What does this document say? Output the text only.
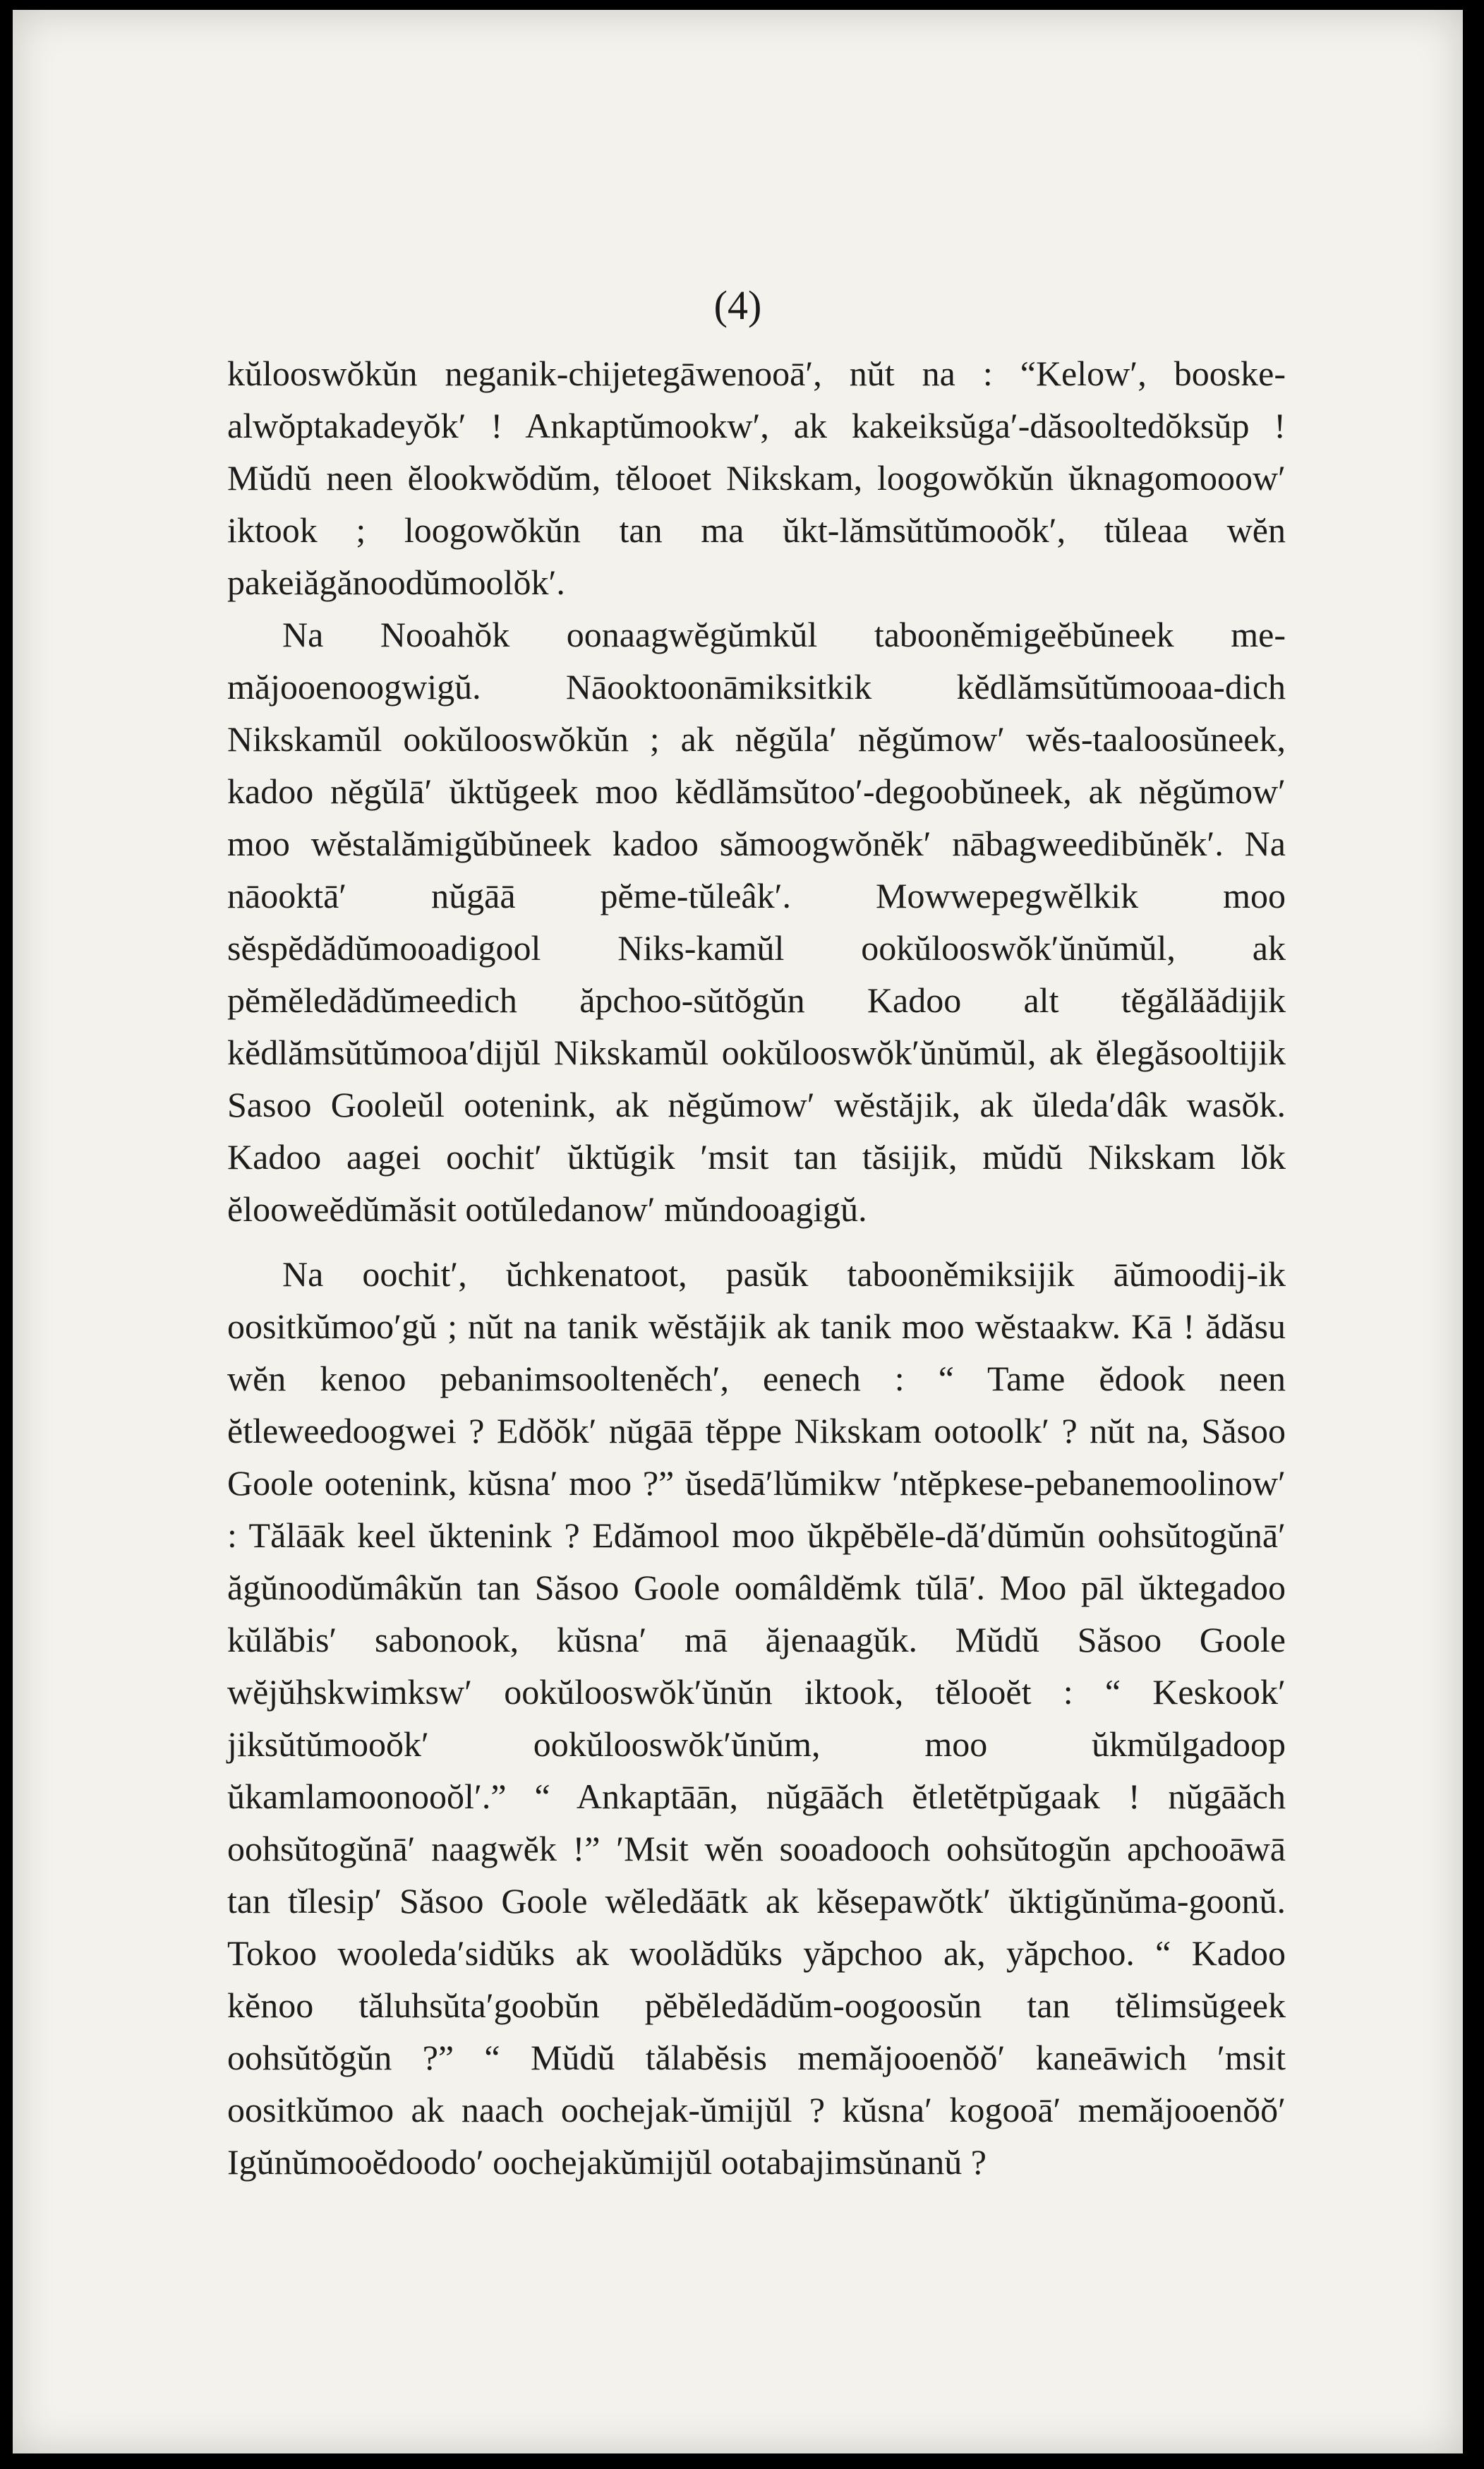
(4)

kŭlooswŏkŭn neganik-chijetegāwenooā′, nŭt na : “Kelow′, booske-alwŏptakadeyŏk′ ! Ankaptŭmookw′, ak kakeiksŭga′-dăsooltedŏksŭp ! Mŭdŭ neen ĕlookwŏdŭm, tĕlooet Nikskam, loogowŏkŭn ŭknagomooow′ iktook ; loogowŏkŭn tan ma ŭkt-lămsŭtŭmooŏk′, tŭleaa wĕn pakeiăgănoodŭmoolŏk′.

Na Nooahŏk oonaagwĕgŭmkŭl tabooněmigeĕbŭneek me-măjooenoogwigŭ. Nāooktoonāmiksitkik kĕdlămsŭtŭmooaa-dich Nikskamŭl ookŭlooswŏkŭn ; ak nĕgŭla′ nĕgŭmow′ wĕs-taaloosŭneek, kadoo nĕgŭlā′ ŭktŭgeek moo kĕdlămsŭtoo′-degoobŭneek, ak nĕgŭmow′ moo wĕstalămigŭbŭneek kadoo sămoogwŏnĕk′ nābagweedibŭnĕk′. Na nāooktā′ nŭgāā pĕme-tŭleâk′. Mowwepegwĕlkik moo sĕspĕdădŭmooadigool Niks-kamŭl ookŭlooswŏk′ŭnŭmŭl, ak pĕmĕledădŭmeedich ăpchoo-sŭtŏgŭn Kadoo alt tĕgălăădijik kĕdlămsŭtŭmooa′dijŭl Nikskamŭl ookŭlooswŏk′ŭnŭmŭl, ak ĕlegăsooltijik Sasoo Gooleŭl ootenink, ak nĕgŭmow′ wĕstăjik, ak ŭleda′dâk wasŏk. Kadoo aagei oochit′ ŭktŭgik ′msit tan tăsijik, mŭdŭ Nikskam lŏk ĕlooweĕdŭmăsit ootŭledanow′ mŭndooagigŭ.

Na oochit′, ŭchkenatoot, pasŭk tabooněmiksijik āŭmoodij-ik oositkŭmoo′gŭ ; nŭt na tanik wĕstăjik ak tanik moo wĕstaakw. Kā ! ădăsu wĕn kenoo pebanimsoolteněch′, eenech : “ Tame ĕdook neen ĕtleweedoogwei ? Edŏŏk′ nŭgāā tĕppe Nikskam ootoolk′ ? nŭt na, Săsoo Goole ootenink, kŭsna′ moo ?” ŭsedā′lŭmikw ′ntĕpkese-pebanemoolinow′ : Tălāāk keel ŭktenink ? Edămool moo ŭkpĕbĕle-dă′dŭmŭn oohsŭtogŭnā′ ăgŭnoodŭmâkŭn tan Săsoo Goole oomâldĕmk tŭlā′. Moo pāl ŭktegadoo kŭlăbis′ sabonook, kŭsna′ mā ăjenaagŭk. Mŭdŭ Săsoo Goole wĕjŭhskwimksw′ ookŭlooswŏk′ŭnŭn iktook, tĕlooĕt : “ Keskook′ jiksŭtŭmooŏk′ ookŭlooswŏk′ŭnŭm, moo ŭkmŭlgadoop ŭkamlamoonooŏl′.” “ Ankaptāān, nŭgāăch ĕtletĕtpŭgaak ! nŭgāăch oohsŭtogŭnā′ naagwĕk !” ′Msit wĕn sooadooch oohsŭtogŭn apchooāwā tan tĭlesip′ Săsoo Goole wĕledăātk ak kĕsepawŏtk′ ŭktigŭnŭma-goonŭ. Tokoo wooleda′sidŭks ak woolădŭks yăpchoo ak, yăpchoo. “ Kadoo kĕnoo tăluhsŭta′goobŭn pĕbĕledădŭm-oogoosŭn tan tĕlimsŭgeek oohsŭtŏgŭn ?” “ Mŭdŭ tălabĕsis memăjooenŏŏ′ kaneāwich ′msit oositkŭmoo ak naach oochejak-ŭmijŭl ? kŭsna′ kogooā′ memăjooenŏŏ′ Igŭnŭmooĕdoodo′ oochejakŭmijŭl ootabajimsŭnanŭ ?
